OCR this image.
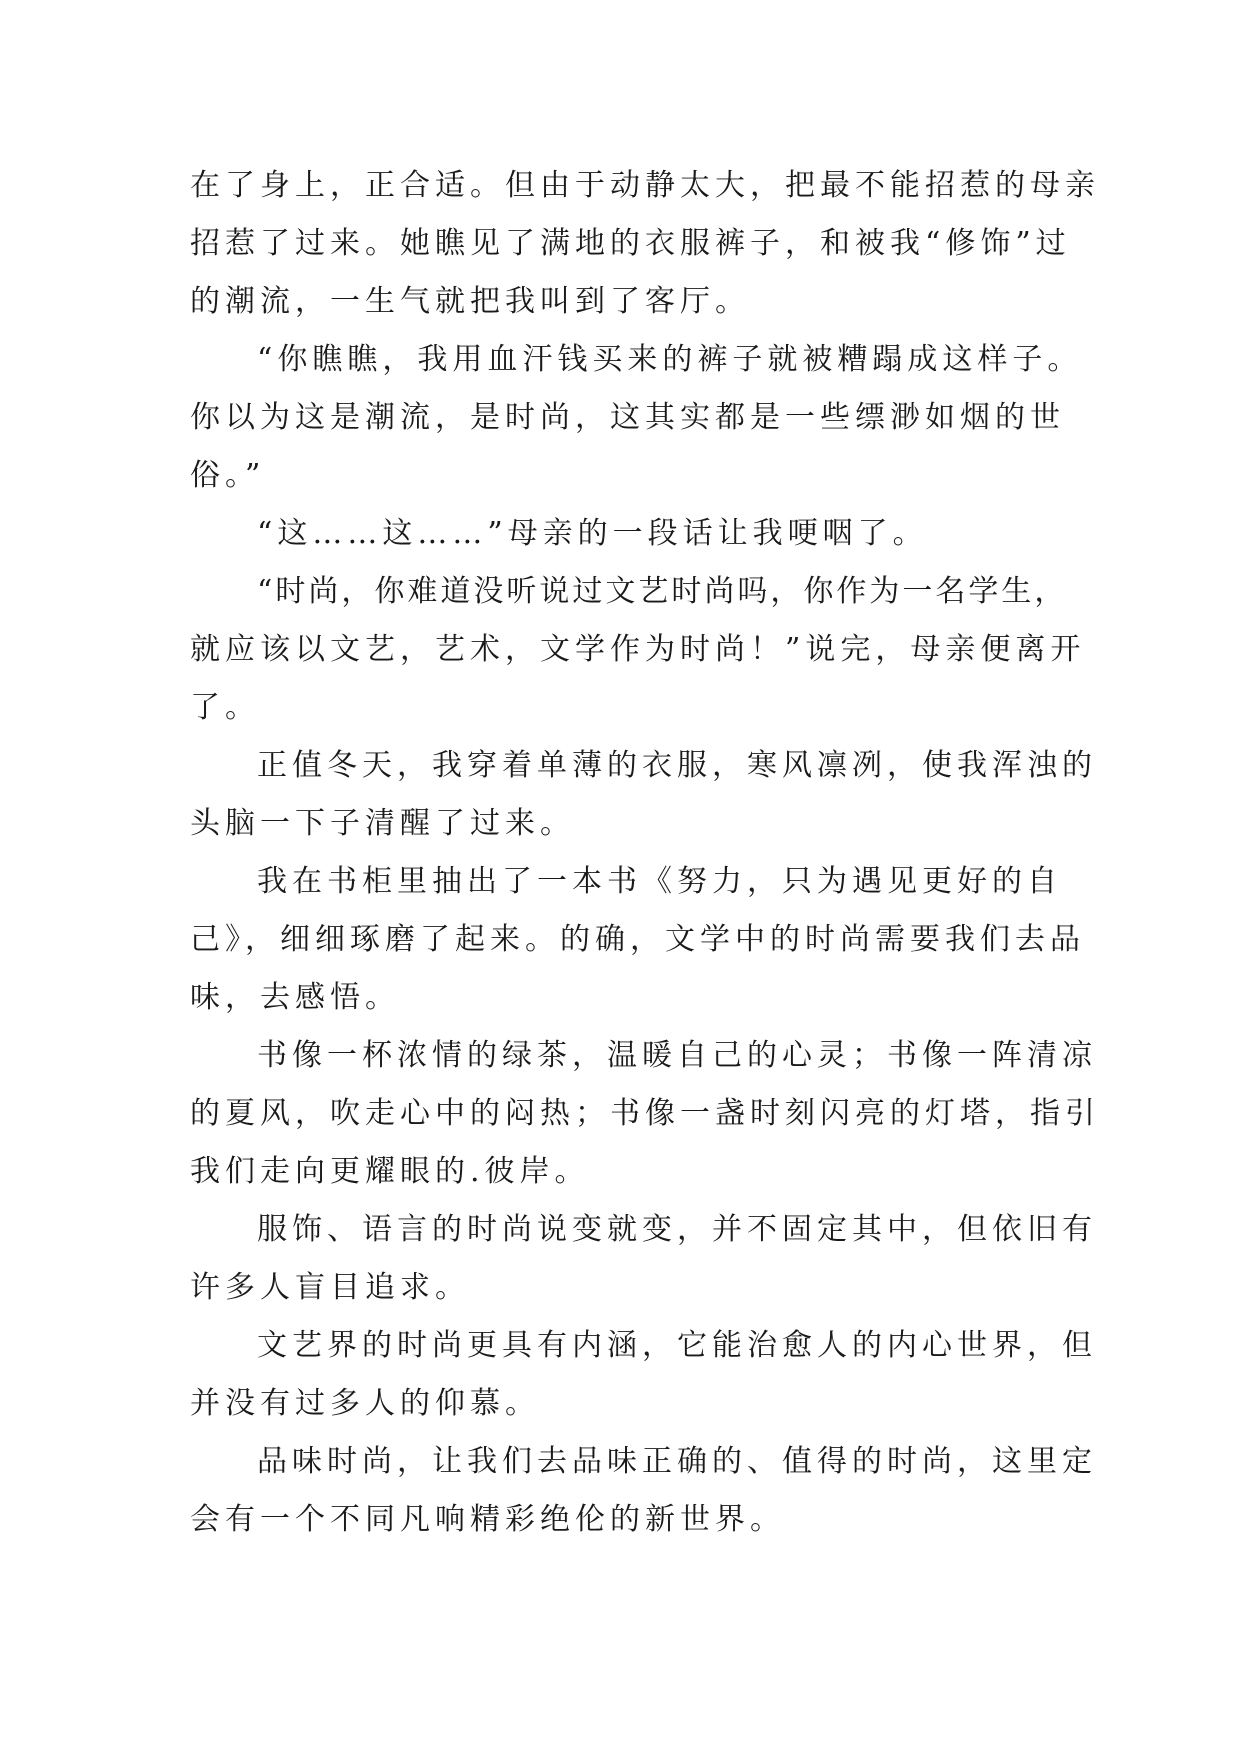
在了身上，正合适。但由于动静太大，把最不能招惹的母亲
招惹了过来。她瞧见了满地的衣服裤子，和被我“修饰”过
的潮流，一生气就把我叫到了客厅。
“你瞧瞧，我用血汗钱买来的裤子就被糟蹋成这样子。
你以为这是潮流，是时尚，这其实都是一些缥渺如烟的世
俗。”
“这……这……”母亲的一段话让我哽咽了。
“时尚，你难道没听说过文艺时尚吗，你作为一名学生，
就应该以文艺，艺术，文学作为时尚！”说完，母亲便离开
了。
正值冬天，我穿着单薄的衣服，寒风凛冽，使我浑浊的
头脑一下子清醒了过来。
我在书柜里抽出了一本书《努力，只为遇见更好的自
己》，细细琢磨了起来。的确，文学中的时尚需要我们去品
味，去感悟。
书像一杯浓情的绿茶，温暖自己的心灵；书像一阵清凉
的夏风，吹走心中的闷热；书像一盏时刻闪亮的灯塔，指引
我们走向更耀眼的.彼岸。
服饰、语言的时尚说变就变，并不固定其中，但依旧有
许多人盲目追求。
文艺界的时尚更具有内涵，它能治愈人的内心世界，但
并没有过多人的仰慕。
品味时尚，让我们去品味正确的、值得的时尚，这里定
会有一个不同凡响精彩绝伦的新世界。
